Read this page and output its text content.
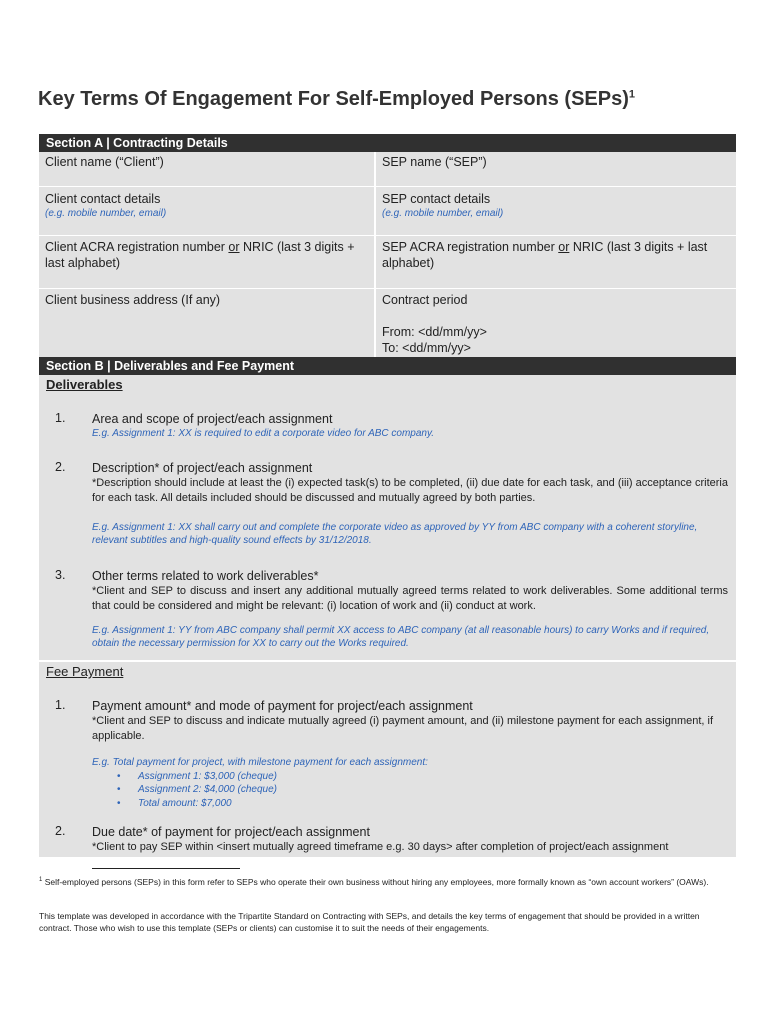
Key Terms Of Engagement For Self-Employed Persons (SEPs)$^1$
Section A | Contracting Details
Client name (“Client”)	SEP name (“SEP”)
Client contact details
(e.g. mobile number, email)
SEP contact details
(e.g. mobile number, email)
Client ACRA registration number or NRIC (last 3 digits + last alphabet)
SEP ACRA registration number or NRIC (last 3 digits + last alphabet)
Client business address (If any)	Contract period
From: <dd/mm/yy>
To: <dd/mm/yy>
Section B | Deliverables and Fee Payment
Deliverables
1. Area and scope of project/each assignment
E.g. Assignment 1: XX is required to edit a corporate video for ABC company.
2. Description* of project/each assignment
*Description should include at least the (i) expected task(s) to be completed, (ii) due date for each task, and (iii) acceptance criteria for each task. All details included should be discussed and mutually agreed by both parties.
E.g. Assignment 1: XX shall carry out and complete the corporate video as approved by YY from ABC company with a coherent storyline, relevant subtitles and high-quality sound effects by 31/12/2018.
3. Other terms related to work deliverables*
*Client and SEP to discuss and insert any additional mutually agreed terms related to work deliverables. Some additional terms that could be considered and might be relevant: (i) location of work and (ii) conduct at work.
E.g. Assignment 1: YY from ABC company shall permit XX access to ABC company (at all reasonable hours) to carry Works and if required, obtain the necessary permission for XX to carry out the Works required.
Fee Payment
1. Payment amount* and mode of payment for project/each assignment
*Client and SEP to discuss and indicate mutually agreed (i) payment amount, and (ii) milestone payment for each assignment, if applicable.
E.g. Total payment for project, with milestone payment for each assignment:
• Assignment 1: $3,000 (cheque)
• Assignment 2: $4,000 (cheque)
• Total amount: $7,000
2. Due date* of payment for project/each assignment
*Client to pay SEP within <insert mutually agreed timeframe e.g. 30 days> after completion of project/each assignment
$^1$ Self-employed persons (SEPs) in this form refer to SEPs who operate their own business without hiring any employees, more formally known as “own account workers” (OAWs).
This template was developed in accordance with the Tripartite Standard on Contracting with SEPs, and details the key terms of engagement that should be provided in a written contract. Those who wish to use this template (SEPs or clients) can customise it to suit the needs of their engagements.
